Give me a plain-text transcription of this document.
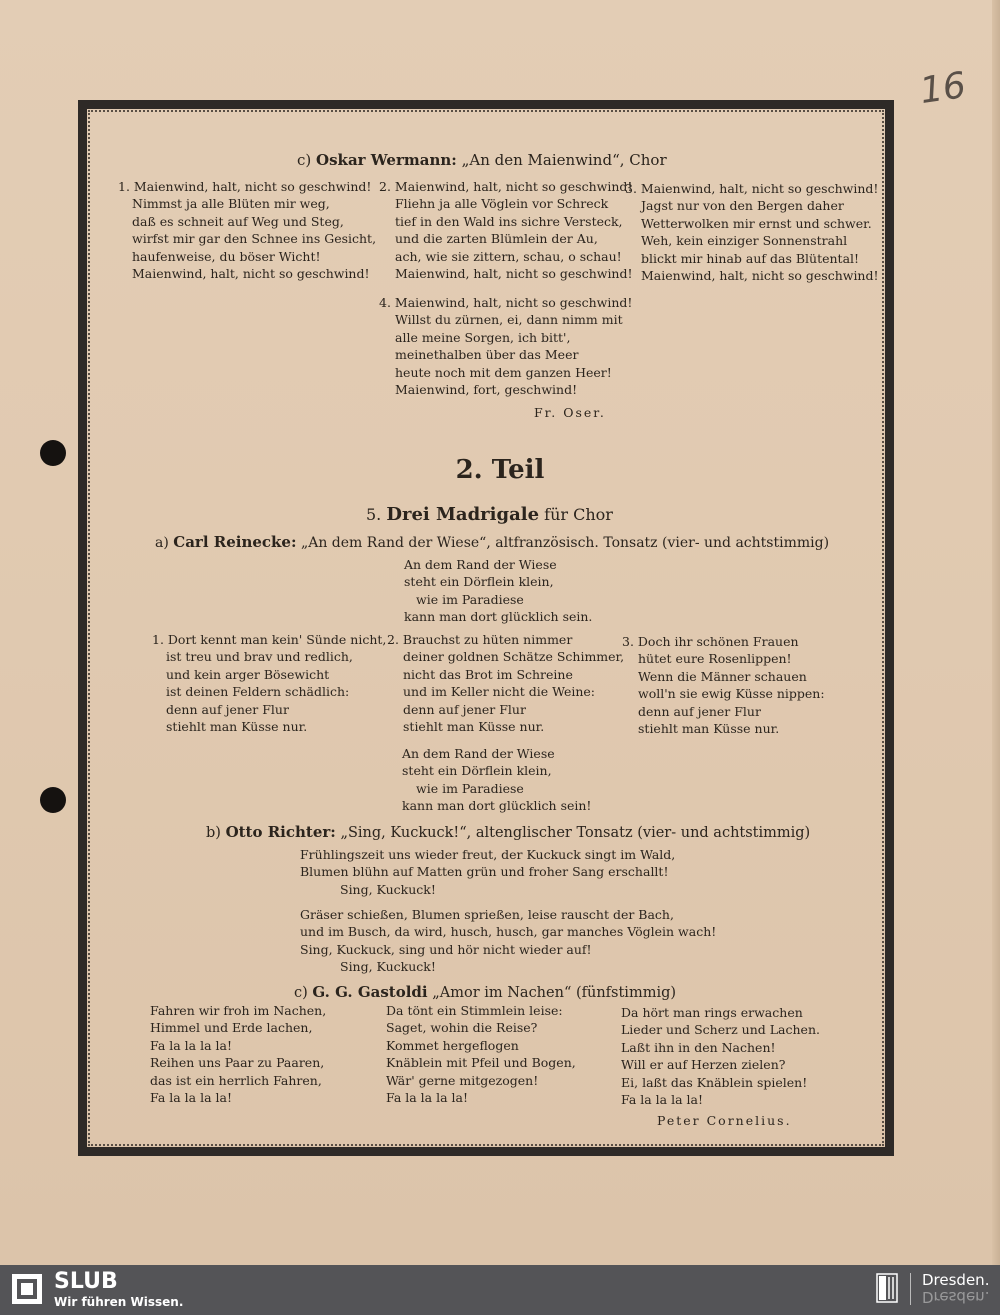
16
c) Oskar Wermann: „An den Maienwind“, Chor
1. Maienwind, halt, nicht so geschwind!
Nimmst ja alle Blüten mir weg,
daß es schneit auf Weg und Steg,
wirfst mir gar den Schnee ins Gesicht,
haufenweise, du böser Wicht!
Maienwind, halt, nicht so geschwind!
2. Maienwind, halt, nicht so geschwind!
Fliehn ja alle Vöglein vor Schreck
tief in den Wald ins sichre Versteck,
und die zarten Blümlein der Au,
ach, wie sie zittern, schau, o schau!
Maienwind, halt, nicht so geschwind!
3. Maienwind, halt, nicht so geschwind!
Jagst nur von den Bergen daher
Wetterwolken mir ernst und schwer.
Weh, kein einziger Sonnenstrahl
blickt mir hinab auf das Blütental!
Maienwind, halt, nicht so geschwind!
4. Maienwind, halt, nicht so geschwind!
Willst du zürnen, ei, dann nimm mit
alle meine Sorgen, ich bitt',
meinethalben über das Meer
heute noch mit dem ganzen Heer!
Maienwind, fort, geschwind!
Fr. Oser.
2. Teil
5. Drei Madrigale für Chor
a) Carl Reinecke: „An dem Rand der Wiese“, altfranzösisch. Tonsatz (vier- und achtstimmig)
An dem Rand der Wiese
steht ein Dörflein klein,
wie im Paradiese
kann man dort glücklich sein.
1. Dort kennt man kein' Sünde nicht,
ist treu und brav und redlich,
und kein arger Bösewicht
ist deinen Feldern schädlich:
denn auf jener Flur
stiehlt man Küsse nur.
2. Brauchst zu hüten nimmer
deiner goldnen Schätze Schimmer,
nicht das Brot im Schreine
und im Keller nicht die Weine:
denn auf jener Flur
stiehlt man Küsse nur.
3. Doch ihr schönen Frauen
hütet eure Rosenlippen!
Wenn die Männer schauen
woll'n sie ewig Küsse nippen:
denn auf jener Flur
stiehlt man Küsse nur.
An dem Rand der Wiese
steht ein Dörflein klein,
wie im Paradiese
kann man dort glücklich sein!
b) Otto Richter: „Sing, Kuckuck!“, altenglischer Tonsatz (vier- und achtstimmig)
Frühlingszeit uns wieder freut, der Kuckuck singt im Wald,
Blumen blühn auf Matten grün und froher Sang erschallt!
Sing, Kuckuck!
Gräser schießen, Blumen sprießen, leise rauscht der Bach,
und im Busch, da wird, husch, husch, gar manches Vöglein wach!
Sing, Kuckuck, sing und hör nicht wieder auf!
Sing, Kuckuck!
c) G. G. Gastoldi „Amor im Nachen“ (fünfstimmig)
Fahren wir froh im Nachen,
Himmel und Erde lachen,
Fa la la la la!
Reihen uns Paar zu Paaren,
das ist ein herrlich Fahren,
Fa la la la la!
Da tönt ein Stimmlein leise:
Saget, wohin die Reise?
Kommet hergeflogen
Knäblein mit Pfeil und Bogen,
Wär' gerne mitgezogen!
Fa la la la la!
Da hört man rings erwachen
Lieder und Scherz und Lachen.
Laßt ihn in den Nachen!
Will er auf Herzen zielen?
Ei, laßt das Knäblein spielen!
Fa la la la la!
Peter Cornelius.
SLUB
Wir führen Wissen.
Dresden.
Dresden.
